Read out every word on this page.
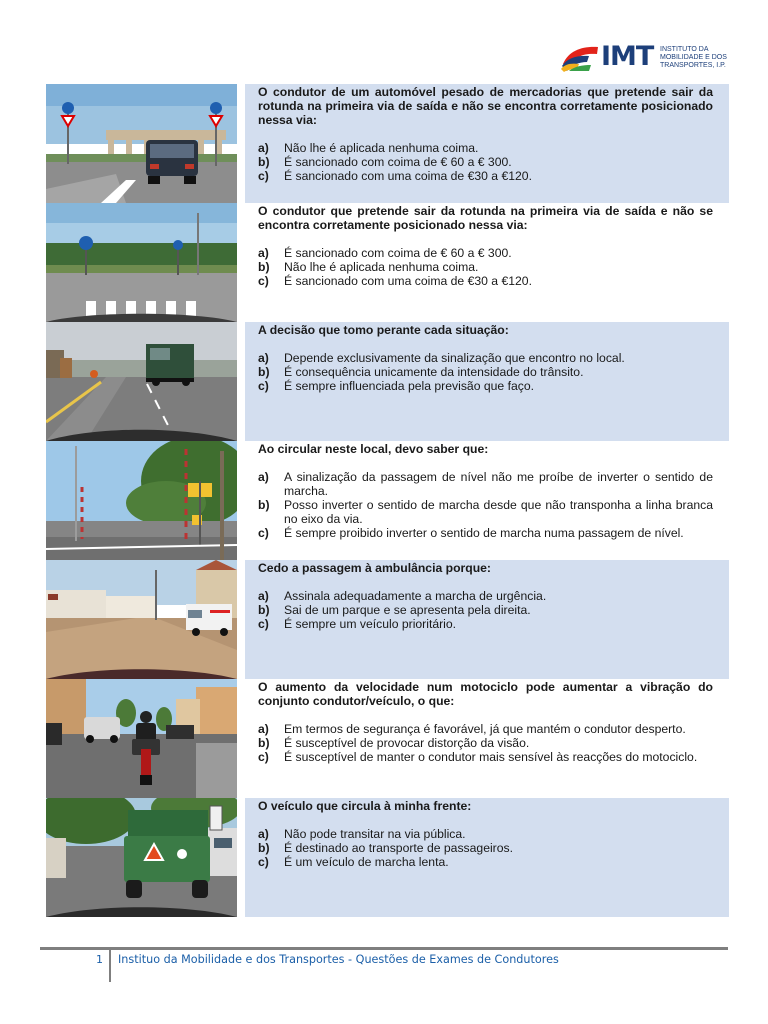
IMT INSTITUTO DA
MOBILIDADE E DOS
TRANSPORTES, I.P.

O condutor de um automóvel pesado de mercadorias que pretende sair da rotunda na primeira via de saída e não se encontra corretamente posicionado nessa via:

a) Não lhe é aplicada nenhuma coima.

b) É sancionado com coima de € 60 a € 300.

c) É sancionado com uma coima de €30 a €120.

O condutor que pretende sair da rotunda na primeira via de saída e não se encontra corretamente posicionado nessa via:

a) É sancionado com coima de € 60 a € 300.

b) Não lhe é aplicada nenhuma coima.

c) É sancionado com uma coima de €30 a €120.

A decisão que tomo perante cada situação:

a) Depende exclusivamente da sinalização que encontro no local.

b) É consequência unicamente da intensidade do trânsito.

c) É sempre influenciada pela previsão que faço.

Ao circular neste local, devo saber que:

a) A sinalização da passagem de nível não me proíbe de inverter o sentido de marcha.

b) Posso inverter o sentido de marcha desde que não transponha a linha branca no eixo da via.

c) É sempre proibido inverter o sentido de marcha numa passagem de nível.

Cedo a passagem à ambulância porque:

a) Assinala adequadamente a marcha de urgência.

b) Sai de um parque e se apresenta pela direita.

c) É sempre um veículo prioritário.

O aumento da velocidade num motociclo pode aumentar a vibração do conjunto condutor/veículo, o que:

a) Em termos de segurança é favorável, já que mantém o condutor desperto.

b) É susceptível de provocar distorção da visão.

c) É susceptível de manter o condutor mais sensível às reacções do motociclo.

O veículo que circula à minha frente:

a) Não pode transitar na via pública.

b) É destinado ao transporte de passageiros.

c) É um veículo de marcha lenta.

1 Instituo da Mobilidade e dos Transportes - Questões de Exames de Condutores
